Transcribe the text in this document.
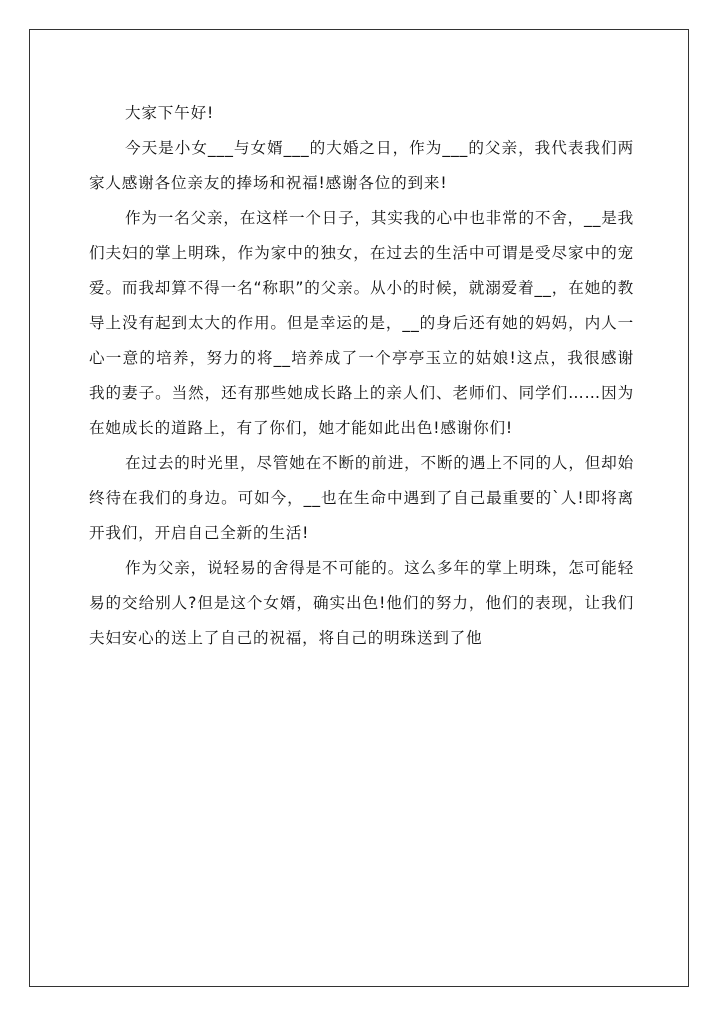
大家下午好!

今天是小女___与女婿___的大婚之日，作为___的父亲，我代表我们两家人感谢各位亲友的捧场和祝福!感谢各位的到来!

作为一名父亲，在这样一个日子，其实我的心中也非常的不舍，__是我们夫妇的掌上明珠，作为家中的独女，在过去的生活中可谓是受尽家中的宠爱。而我却算不得一名“称职”的父亲。从小的时候，就溺爱着__，在她的教导上没有起到太大的作用。但是幸运的是，__的身后还有她的妈妈，内人一心一意的培养，努力的将__培养成了一个亭亭玉立的姑娘!这点，我很感谢我的妻子。当然，还有那些她成长路上的亲人们、老师们、同学们……因为在她成长的道路上，有了你们，她才能如此出色!感谢你们!

在过去的时光里，尽管她在不断的前进，不断的遇上不同的人，但却始终待在我们的身边。可如今，__也在生命中遇到了自己最重要的`人!即将离开我们，开启自己全新的生活!

作为父亲，说轻易的舍得是不可能的。这么多年的掌上明珠，怎可能轻易的交给别人?但是这个女婿，确实出色!他们的努力，他们的表现，让我们夫妇安心的送上了自己的祝福，将自己的明珠送到了他
